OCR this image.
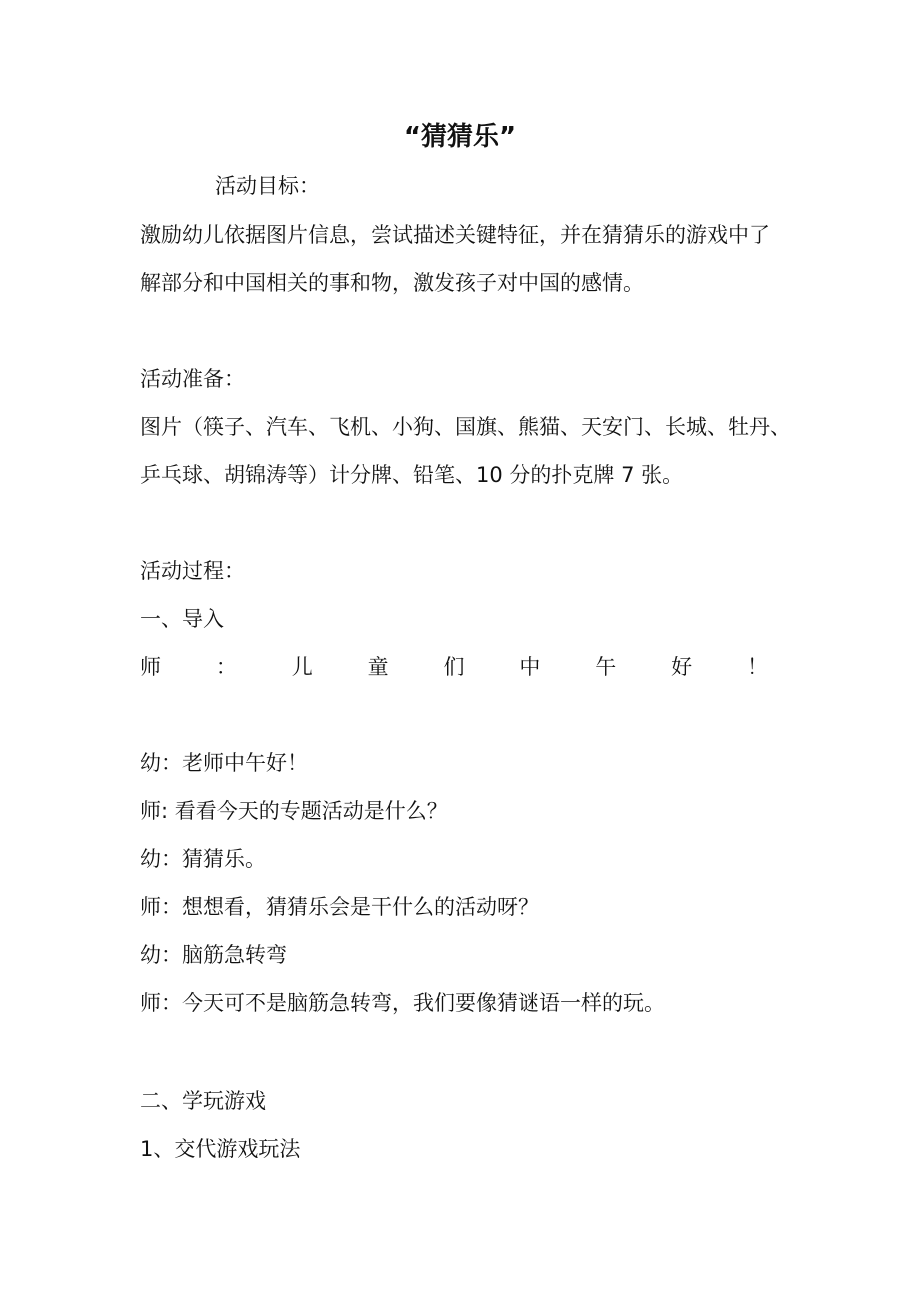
“猜猜乐”
活动目标：
激励幼儿依据图片信息，尝试描述关键特征，并在猜猜乐的游戏中了
解部分和中国相关的事和物，激发孩子对中国的感情。
活动准备：
图片（筷子、汽车、飞机、小狗、国旗、熊猫、天安门、长城、牡丹、
乒乓球、胡锦涛等）计分牌、铅笔、10 分的扑克牌 7 张。
活动过程：
一、导入
师	：	儿	童	们	中	午	好	！
幼：老师中午好！
师: 看看今天的专题活动是什么？
幼：猜猜乐。
师：想想看，猜猜乐会是干什么的活动呀？
幼：脑筋急转弯
师：今天可不是脑筋急转弯，我们要像猜谜语一样的玩。
二、学玩游戏
1、交代游戏玩法
